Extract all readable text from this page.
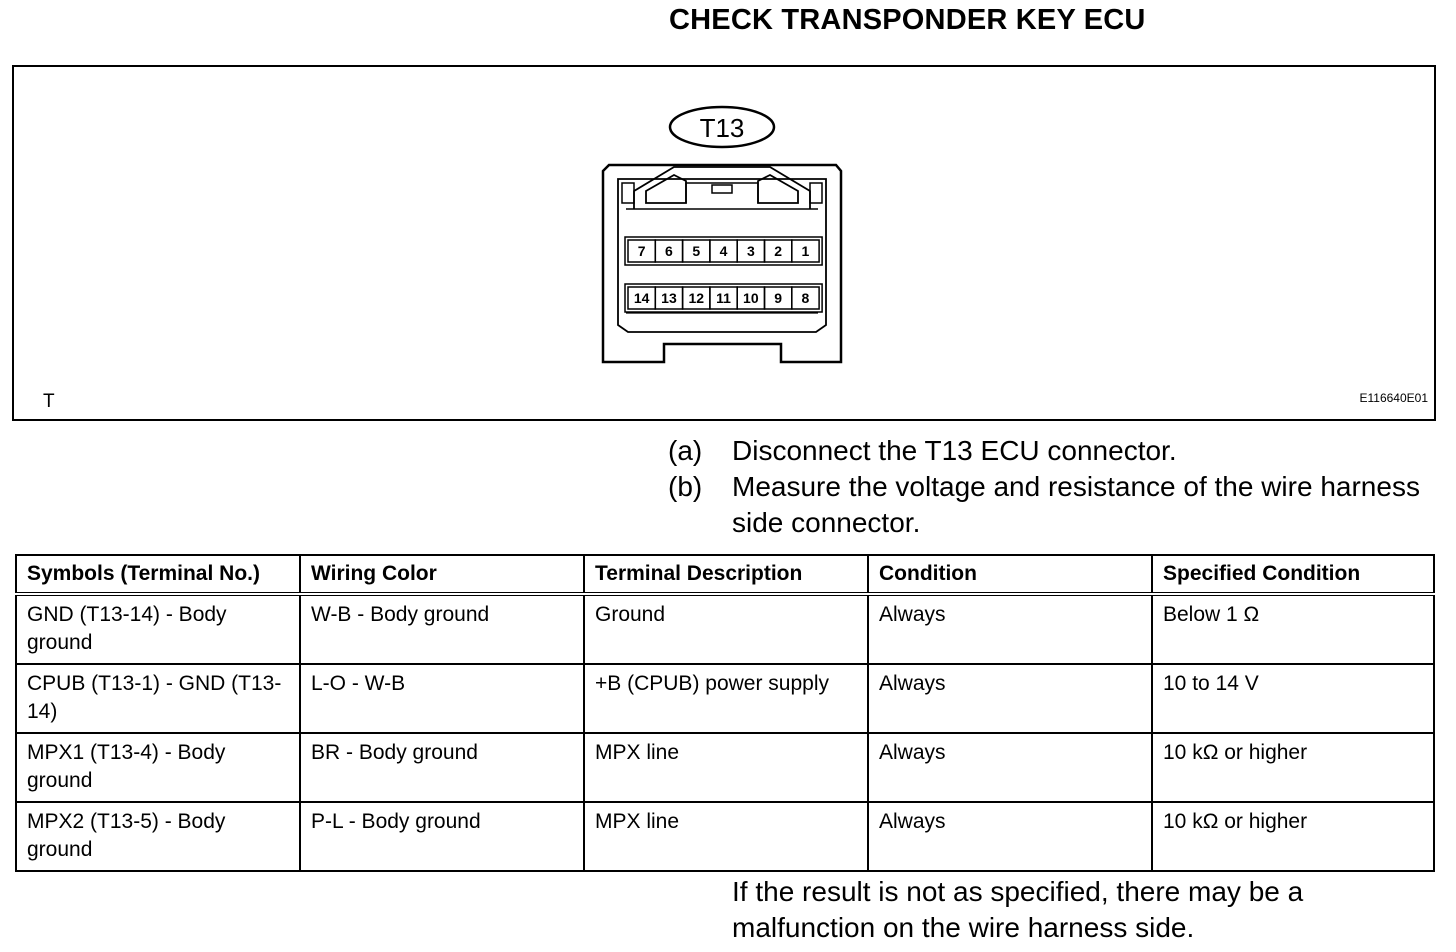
CHECK TRANSPONDER KEY ECU
T13
7 6 5 4 3 2 1
14 13 12 11 10 9 8
T	E116640E01
(a)	Disconnect the T13 ECU connector.
(b)	Measure the voltage and resistance of the wire harness side connector.
Symbols (Terminal No.)	Wiring Color	Terminal Description	Condition	Specified Condition
GND (T13-14) - Body ground	W-B - Body ground	Ground	Always	Below 1 Ω
CPUB (T13-1) - GND (T13-14)	L-O - W-B	+B (CPUB) power supply	Always	10 to 14 V
MPX1 (T13-4) - Body ground	BR - Body ground	MPX line	Always	10 kΩ or higher
MPX2 (T13-5) - Body ground	P-L - Body ground	MPX line	Always	10 kΩ or higher
If the result is not as specified, there may be a malfunction on the wire harness side.
